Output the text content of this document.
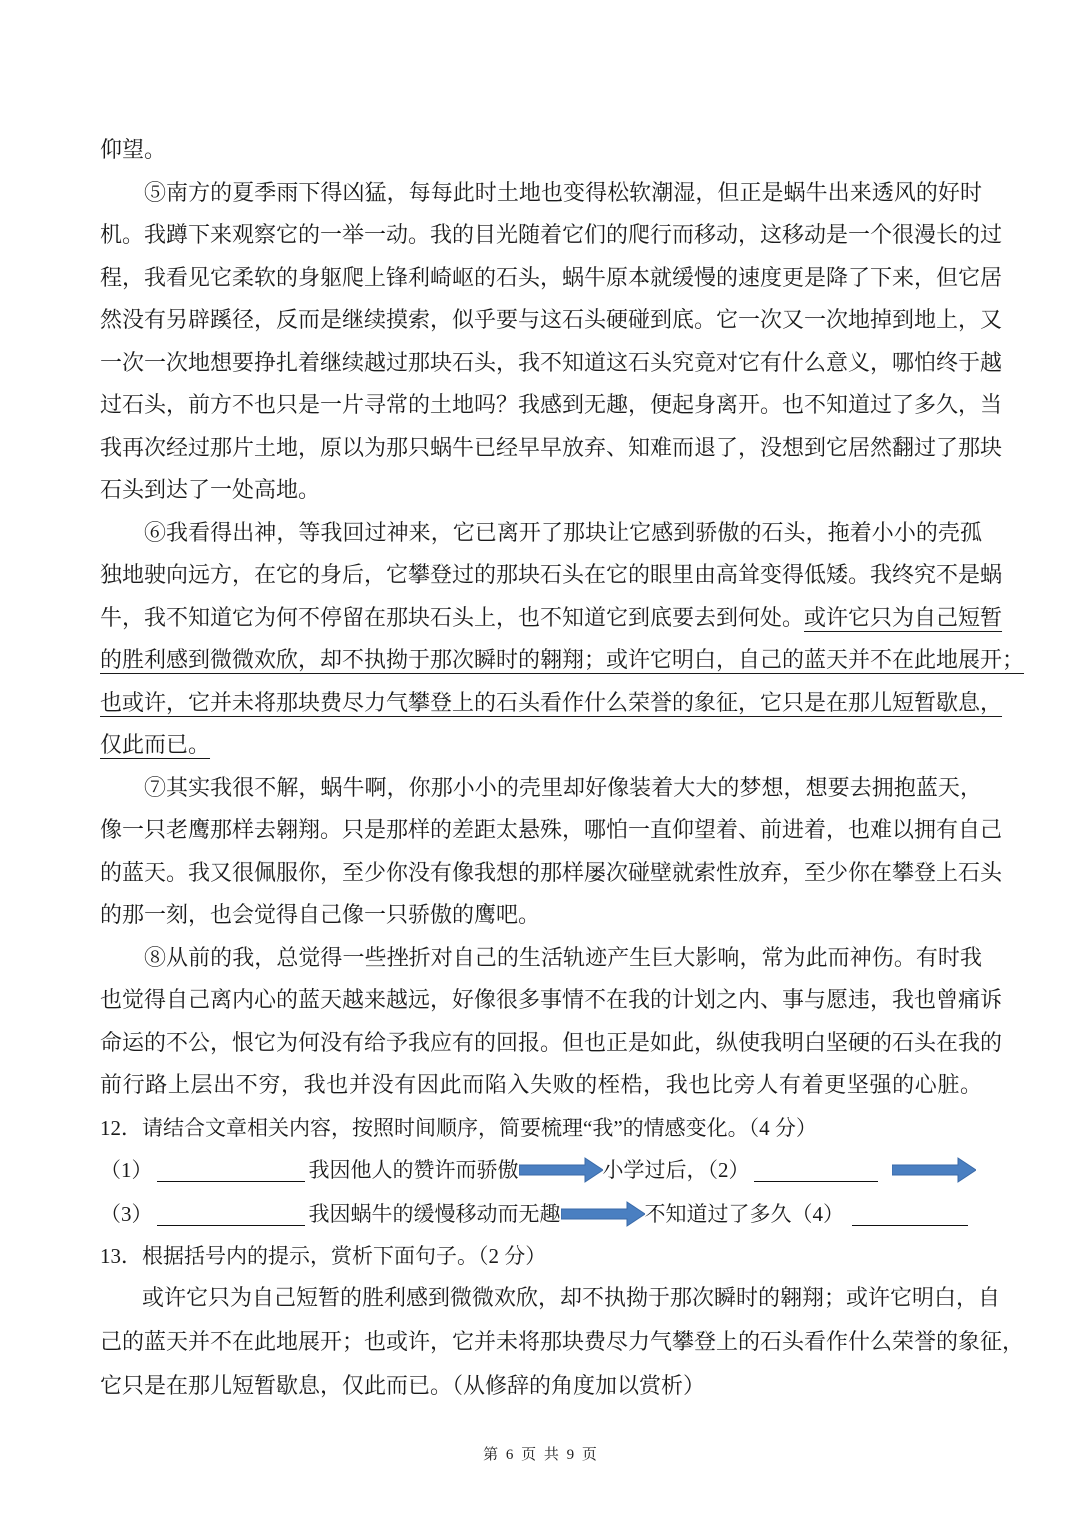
仰望。
⑤南方的夏季雨下得凶猛，每每此时土地也变得松软潮湿，但正是蜗牛出来透风的好时
机。我蹲下来观察它的一举一动。我的目光随着它们的爬行而移动，这移动是一个很漫长的过
程，我看见它柔软的身躯爬上锋利崎岖的石头，蜗牛原本就缓慢的速度更是降了下来，但它居
然没有另辟蹊径，反而是继续摸索，似乎要与这石头硬碰到底。它一次又一次地掉到地上，又
一次一次地想要挣扎着继续越过那块石头，我不知道这石头究竟对它有什么意义，哪怕终于越
过石头，前方不也只是一片寻常的土地吗？我感到无趣，便起身离开。也不知道过了多久，当
我再次经过那片土地，原以为那只蜗牛已经早早放弃、知难而退了，没想到它居然翻过了那块
石头到达了一处高地。
⑥我看得出神，等我回过神来，它已离开了那块让它感到骄傲的石头，拖着小小的壳孤
独地驶向远方，在它的身后，它攀登过的那块石头在它的眼里由高耸变得低矮。我终究不是蜗
牛，我不知道它为何不停留在那块石头上，也不知道它到底要去到何处。 或许它只为自己短暂
的胜利感到微微欢欣，却不执拗于那次瞬时的翱翔；或许它明白，自己的蓝天并不在此地展开；
也或许，它并未将那块费尽力气攀登上的石头看作什么荣誉的象征，它只是在那儿短暂歇息，
仅此而已。
⑦其实我很不解，蜗牛啊，你那小小的壳里却好像装着大大的梦想，想要去拥抱蓝天，
像一只老鹰那样去翱翔。只是那样的差距太悬殊，哪怕一直仰望着、前进着，也难以拥有自己
的蓝天。我又很佩服你，至少你没有像我想的那样屡次碰壁就索性放弃，至少你在攀登上石头
的那一刻，也会觉得自己像一只骄傲的鹰吧。
⑧从前的我，总觉得一些挫折对自己的生活轨迹产生巨大影响，常为此而神伤。有时我
也觉得自己离内心的蓝天越来越远，好像很多事情不在我的计划之内、事与愿违，我也曾痛诉
命运的不公，恨它为何没有给予我应有的回报。但也正是如此，纵使我明白坚硬的石头在我的
前行路上层出不穷，我也并没有因此而陷入失败的桎梏，我也比旁人有着更坚强的心脏。
12．请结合文章相关内容，按照时间顺序，简要梳理“我”的情感变化。（4 分）
（1）	我因他人的赞许而骄傲	小学过后，（2）
（3）	我因蜗牛的缓慢移动而无趣	不知道过了多久（4）
13．根据括号内的提示，赏析下面句子。（2 分）
或许它只为自己短暂的胜利感到微微欢欣，却不执拗于那次瞬时的翱翔；或许它明白，自
己的蓝天并不在此地展开；也或许，它并未将那块费尽力气攀登上的石头看作什么荣誉的象征，
它只是在那儿短暂歇息，仅此而已。（从修辞的角度加以赏析）
第 6 页 共 9 页
